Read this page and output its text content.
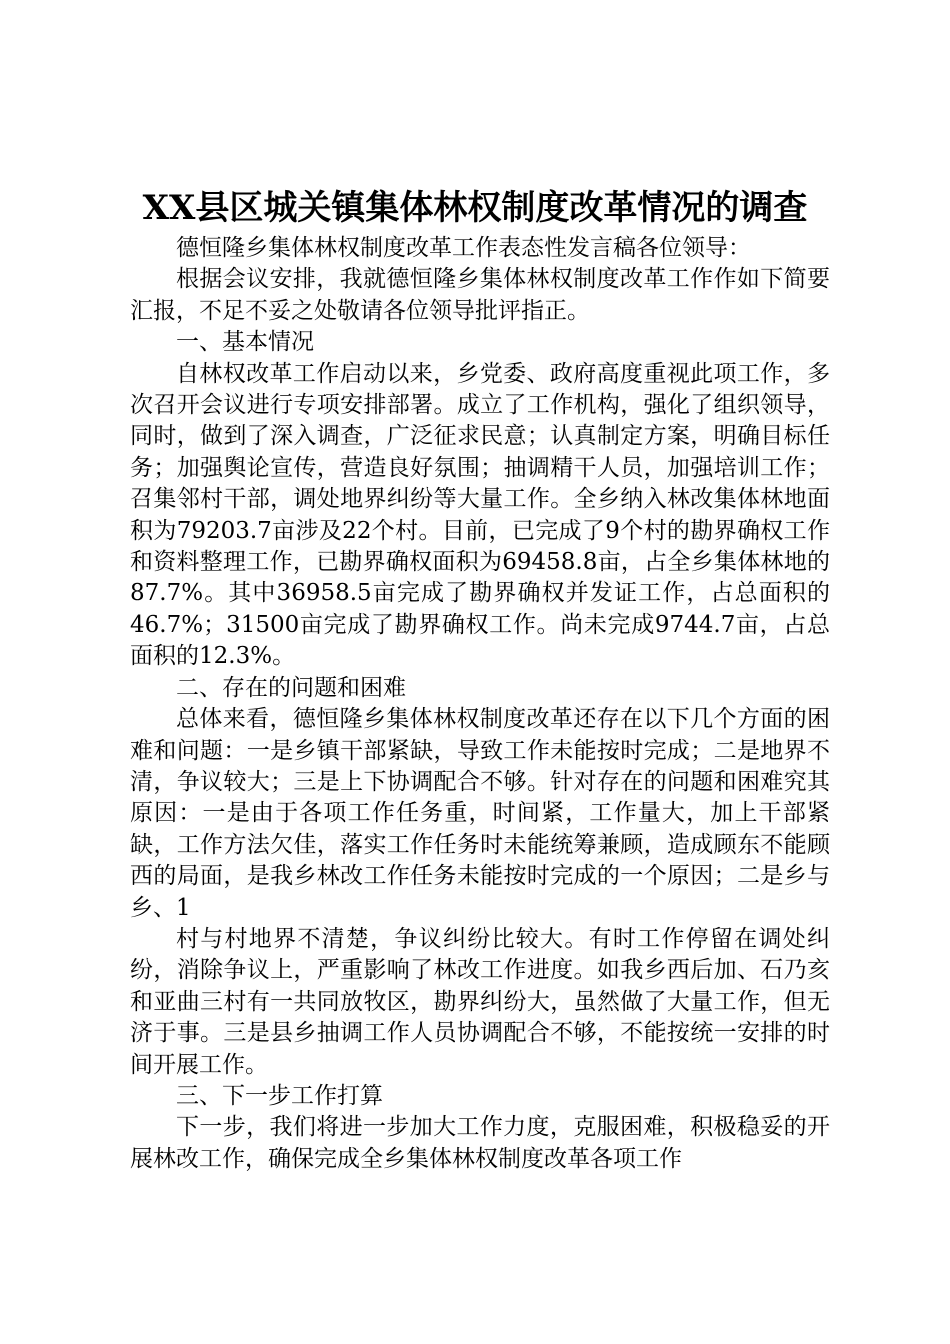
XX县区城关镇集体林权制度改革情况的调查

德恒隆乡集体林权制度改革工作表态性发言稿各位领导：

根据会议安排，我就德恒隆乡集体林权制度改革工作作如下简要汇报，不足不妥之处敬请各位领导批评指正。

一、基本情况

自林权改革工作启动以来，乡党委、政府高度重视此项工作，多次召开会议进行专项安排部署。成立了工作机构，强化了组织领导，同时，做到了深入调查，广泛征求民意；认真制定方案，明确目标任务；加强舆论宣传，营造良好氛围；抽调精干人员，加强培训工作；召集邻村干部，调处地界纠纷等大量工作。全乡纳入林改集体林地面积为79203.7亩涉及22个村。目前，已完成了9个村的勘界确权工作和资料整理工作，已勘界确权面积为69458.8亩，占全乡集体林地的87.7%。其中36958.5亩完成了勘界确权并发证工作，占总面积的46.7%；31500亩完成了勘界确权工作。尚未完成9744.7亩，占总面积的12.3%。

二、存在的问题和困难

总体来看，德恒隆乡集体林权制度改革还存在以下几个方面的困难和问题：一是乡镇干部紧缺，导致工作未能按时完成；二是地界不清，争议较大；三是上下协调配合不够。针对存在的问题和困难究其原因：一是由于各项工作任务重，时间紧，工作量大，加上干部紧缺，工作方法欠佳，落实工作任务时未能统筹兼顾，造成顾东不能顾西的局面，是我乡林改工作任务未能按时完成的一个原因；二是乡与乡、1

村与村地界不清楚，争议纠纷比较大。有时工作停留在调处纠纷，消除争议上，严重影响了林改工作进度。如我乡西后加、石乃亥和亚曲三村有一共同放牧区，勘界纠纷大，虽然做了大量工作，但无济于事。三是县乡抽调工作人员协调配合不够，不能按统一安排的时间开展工作。

三、下一步工作打算

下一步，我们将进一步加大工作力度，克服困难，积极稳妥的开展林改工作，确保完成全乡集体林权制度改革各项工作
